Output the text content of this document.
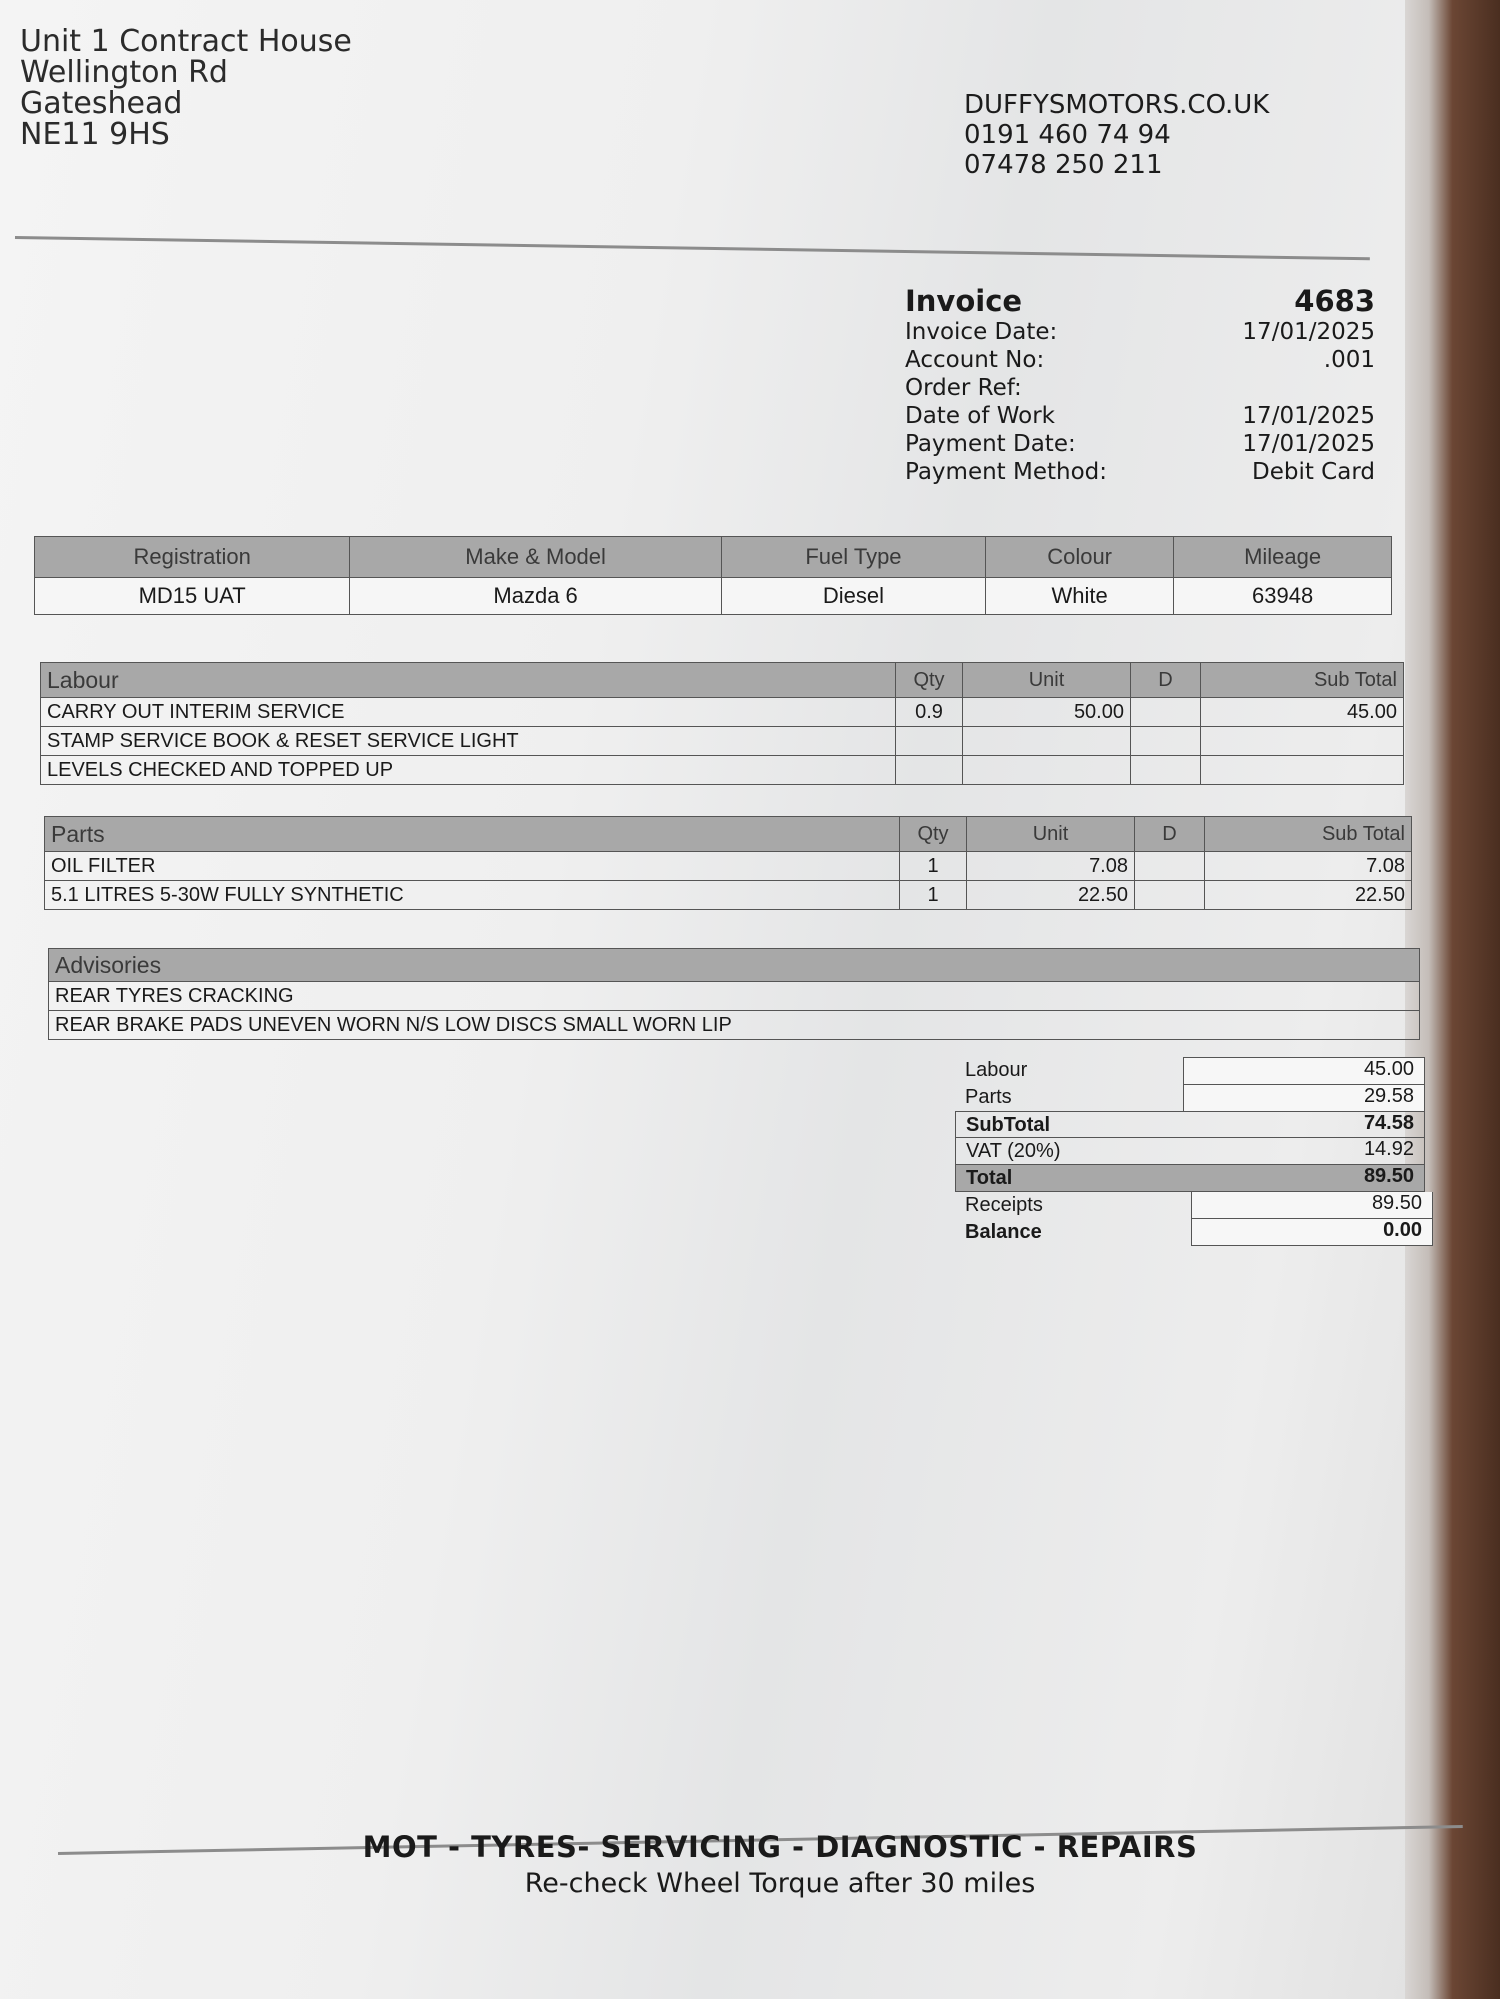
Unit 1 Contract House
Wellington Rd
Gateshead
NE11 9HS
DUFFYSMOTORS.CO.UK
0191 460 74 94
07478 250 211
Invoice	4683
Invoice Date:	17/01/2025
Account No:	.001
Order Ref:
Date of Work	17/01/2025
Payment Date:	17/01/2025
Payment Method:	Debit Card
Registration	Make & Model	Fuel Type	Colour	Mileage
MD15 UAT	Mazda 6	Diesel	White	63948
Labour	Qty	Unit	D	Sub Total
CARRY OUT INTERIM SERVICE	0.9	50.00		45.00
STAMP SERVICE BOOK & RESET SERVICE LIGHT				
LEVELS CHECKED AND TOPPED UP				
Parts	Qty	Unit	D	Sub Total
OIL FILTER	1	7.08		7.08
5.1 LITRES 5-30W FULLY SYNTHETIC	1	22.50		22.50
Advisories
REAR TYRES CRACKING
REAR BRAKE PADS UNEVEN WORN N/S LOW DISCS SMALL WORN LIP
Labour	45.00
Parts	29.58
SubTotal	74.58
VAT (20%)	14.92
Total	89.50
Receipts	89.50
Balance	0.00
MOT - TYRES- SERVICING - DIAGNOSTIC - REPAIRS
Re-check Wheel Torque after 30 miles
